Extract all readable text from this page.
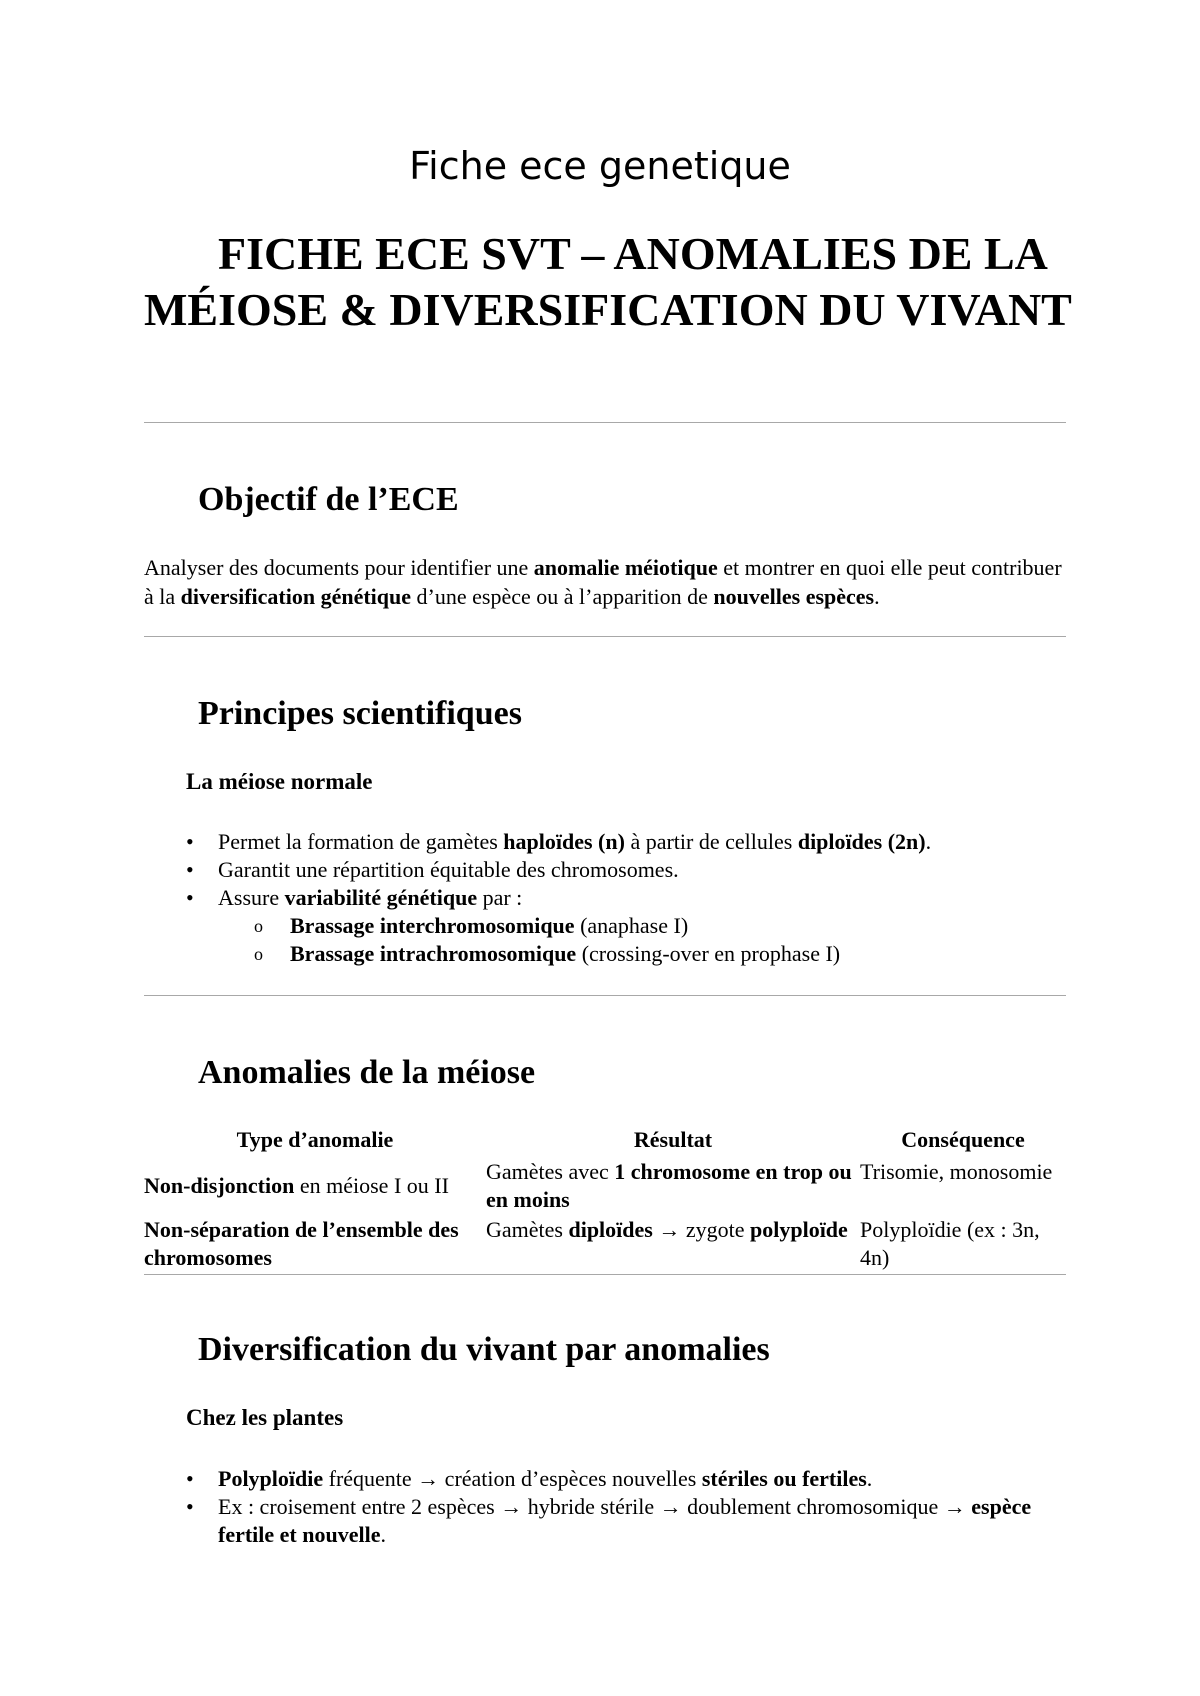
Fiche ece genetique
FICHE ECE SVT – ANOMALIES DE LA MÉIOSE & DIVERSIFICATION DU VIVANT
Objectif de l’ECE
Analyser des documents pour identifier une anomalie méiotique et montrer en quoi elle peut contribuer à la diversification génétique d’une espèce ou à l’apparition de nouvelles espèces.
Principes scientifiques
La méiose normale
• Permet la formation de gamètes haploïdes (n) à partir de cellules diploïdes (2n).
• Garantit une répartition équitable des chromosomes.
• Assure variabilité génétique par :
o Brassage interchromosomique (anaphase I)
o Brassage intrachromosomique (crossing-over en prophase I)
Anomalies de la méiose
Type d’anomalie	Résultat	Conséquence
Non-disjonction en méiose I ou II	Gamètes avec 1 chromosome en trop ou en moins	Trisomie, monosomie
Non-séparation de l’ensemble des chromosomes	Gamètes diploïdes → zygote polyploïde	Polyploïdie (ex : 3n, 4n)
Diversification du vivant par anomalies
Chez les plantes
• Polyploïdie fréquente → création d’espèces nouvelles stériles ou fertiles.
• Ex : croisement entre 2 espèces → hybride stérile → doublement chromosomique → espèce fertile et nouvelle.
